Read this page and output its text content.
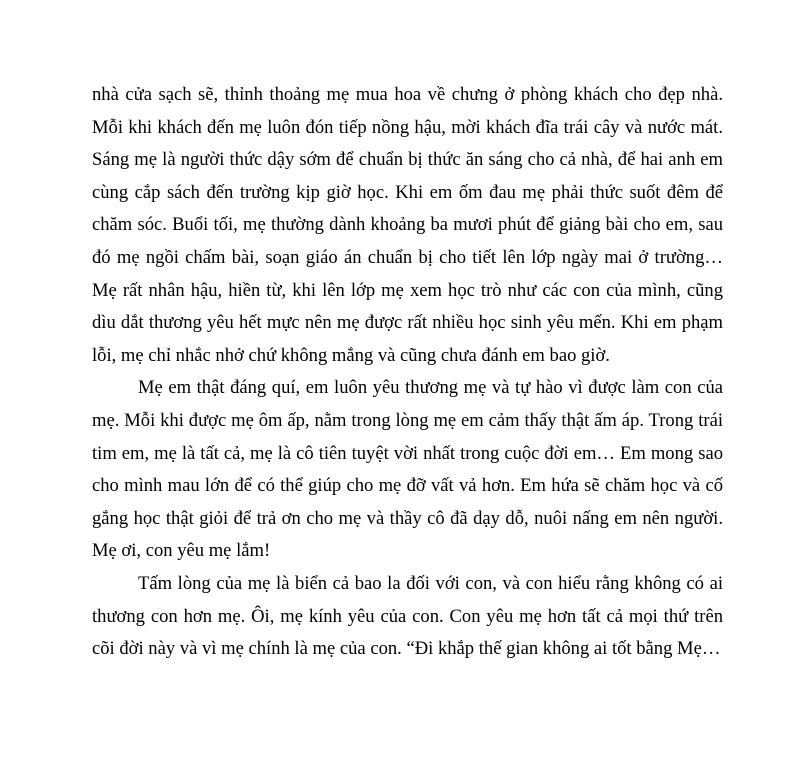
nhà cửa sạch sẽ, thỉnh thoảng mẹ mua hoa về chưng ở phòng khách cho đẹp nhà.
Mỗi khi khách đến mẹ luôn đón tiếp nồng hậu, mời khách đĩa trái cây và nước mát.
Sáng mẹ là người thức dậy sớm để chuẩn bị thức ăn sáng cho cả nhà, để hai anh em
cùng cắp sách đến trường kịp giờ học. Khi em ốm đau mẹ phải thức suốt đêm để
chăm sóc. Buổi tối, mẹ thường dành khoảng ba mươi phút để giảng bài cho em, sau
đó mẹ ngồi chấm bài, soạn giáo án chuẩn bị cho tiết lên lớp ngày mai ở trường…
Mẹ rất nhân hậu, hiền từ, khi lên lớp mẹ xem học trò như các con của mình, cũng
dìu dắt thương yêu hết mực nên mẹ được rất nhiều học sinh yêu mến. Khi em phạm
lỗi, mẹ chỉ nhắc nhở chứ không mắng và cũng chưa đánh em bao giờ.
Mẹ em thật đáng quí, em luôn yêu thương mẹ và tự hào vì được làm con của
mẹ. Mỗi khi được mẹ ôm ấp, nằm trong lòng mẹ em cảm thấy thật ấm áp. Trong trái
tim em, mẹ là tất cả, mẹ là cô tiên tuyệt vời nhất trong cuộc đời em… Em mong sao
cho mình mau lớn để có thể giúp cho mẹ đỡ vất vả hơn. Em hứa sẽ chăm học và cố
gắng học thật giỏi để trả ơn cho mẹ và thầy cô đã dạy dỗ, nuôi nấng em nên người.
Mẹ ơi, con yêu mẹ lắm!
Tấm lòng của mẹ là biển cả bao la đối với con, và con hiểu rằng không có ai
thương con hơn mẹ. Ôi, mẹ kính yêu của con. Con yêu mẹ hơn tất cả mọi thứ trên
cõi đời này và vì mẹ chính là mẹ của con. “Đi khắp thế gian không ai tốt bằng Mẹ…
